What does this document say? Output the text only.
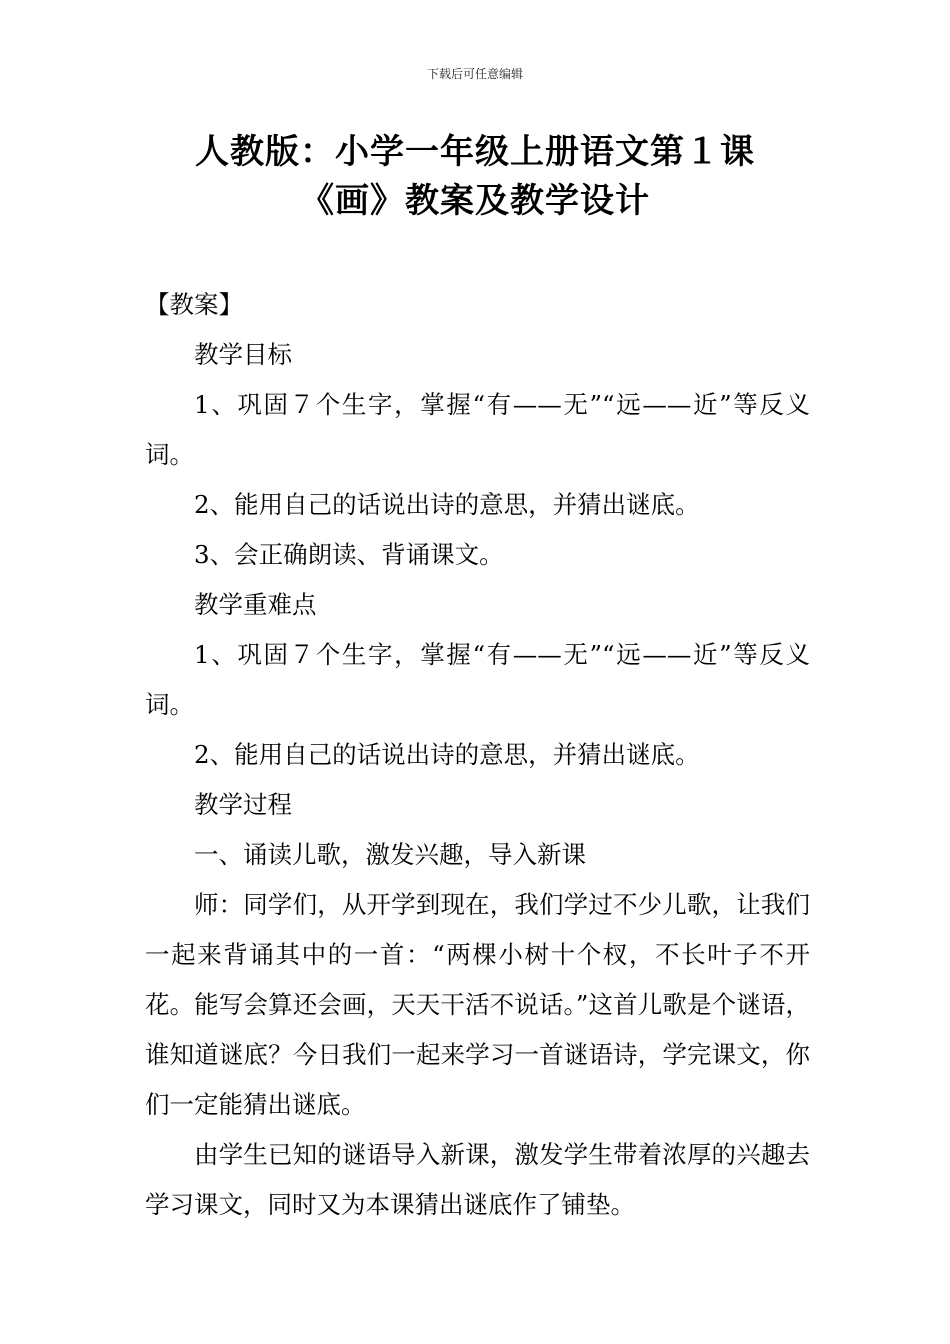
下载后可任意编辑
人教版：小学一年级上册语文第１课
《画》教案及教学设计

【教案】

教学目标

1、巩固７个生字，掌握“有——无”“远——近”等反义词。

2、能用自己的话说出诗的意思，并猜出谜底。

3、会正确朗读、背诵课文。

教学重难点

1、巩固７个生字，掌握“有——无”“远——近”等反义词。

2、能用自己的话说出诗的意思，并猜出谜底。

教学过程

一、诵读儿歌，激发兴趣，导入新课

师：同学们，从开学到现在，我们学过不少儿歌，让我们一起来背诵其中的一首：“两棵小树十个杈，不长叶子不开花。能写会算还会画，天天干活不说话。”这首儿歌是个谜语，谁知道谜底？今日我们一起来学习一首谜语诗，学完课文，你们一定能猜出谜底。

由学生已知的谜语导入新课，激发学生带着浓厚的兴趣去学习课文，同时又为本课猜出谜底作了铺垫。
